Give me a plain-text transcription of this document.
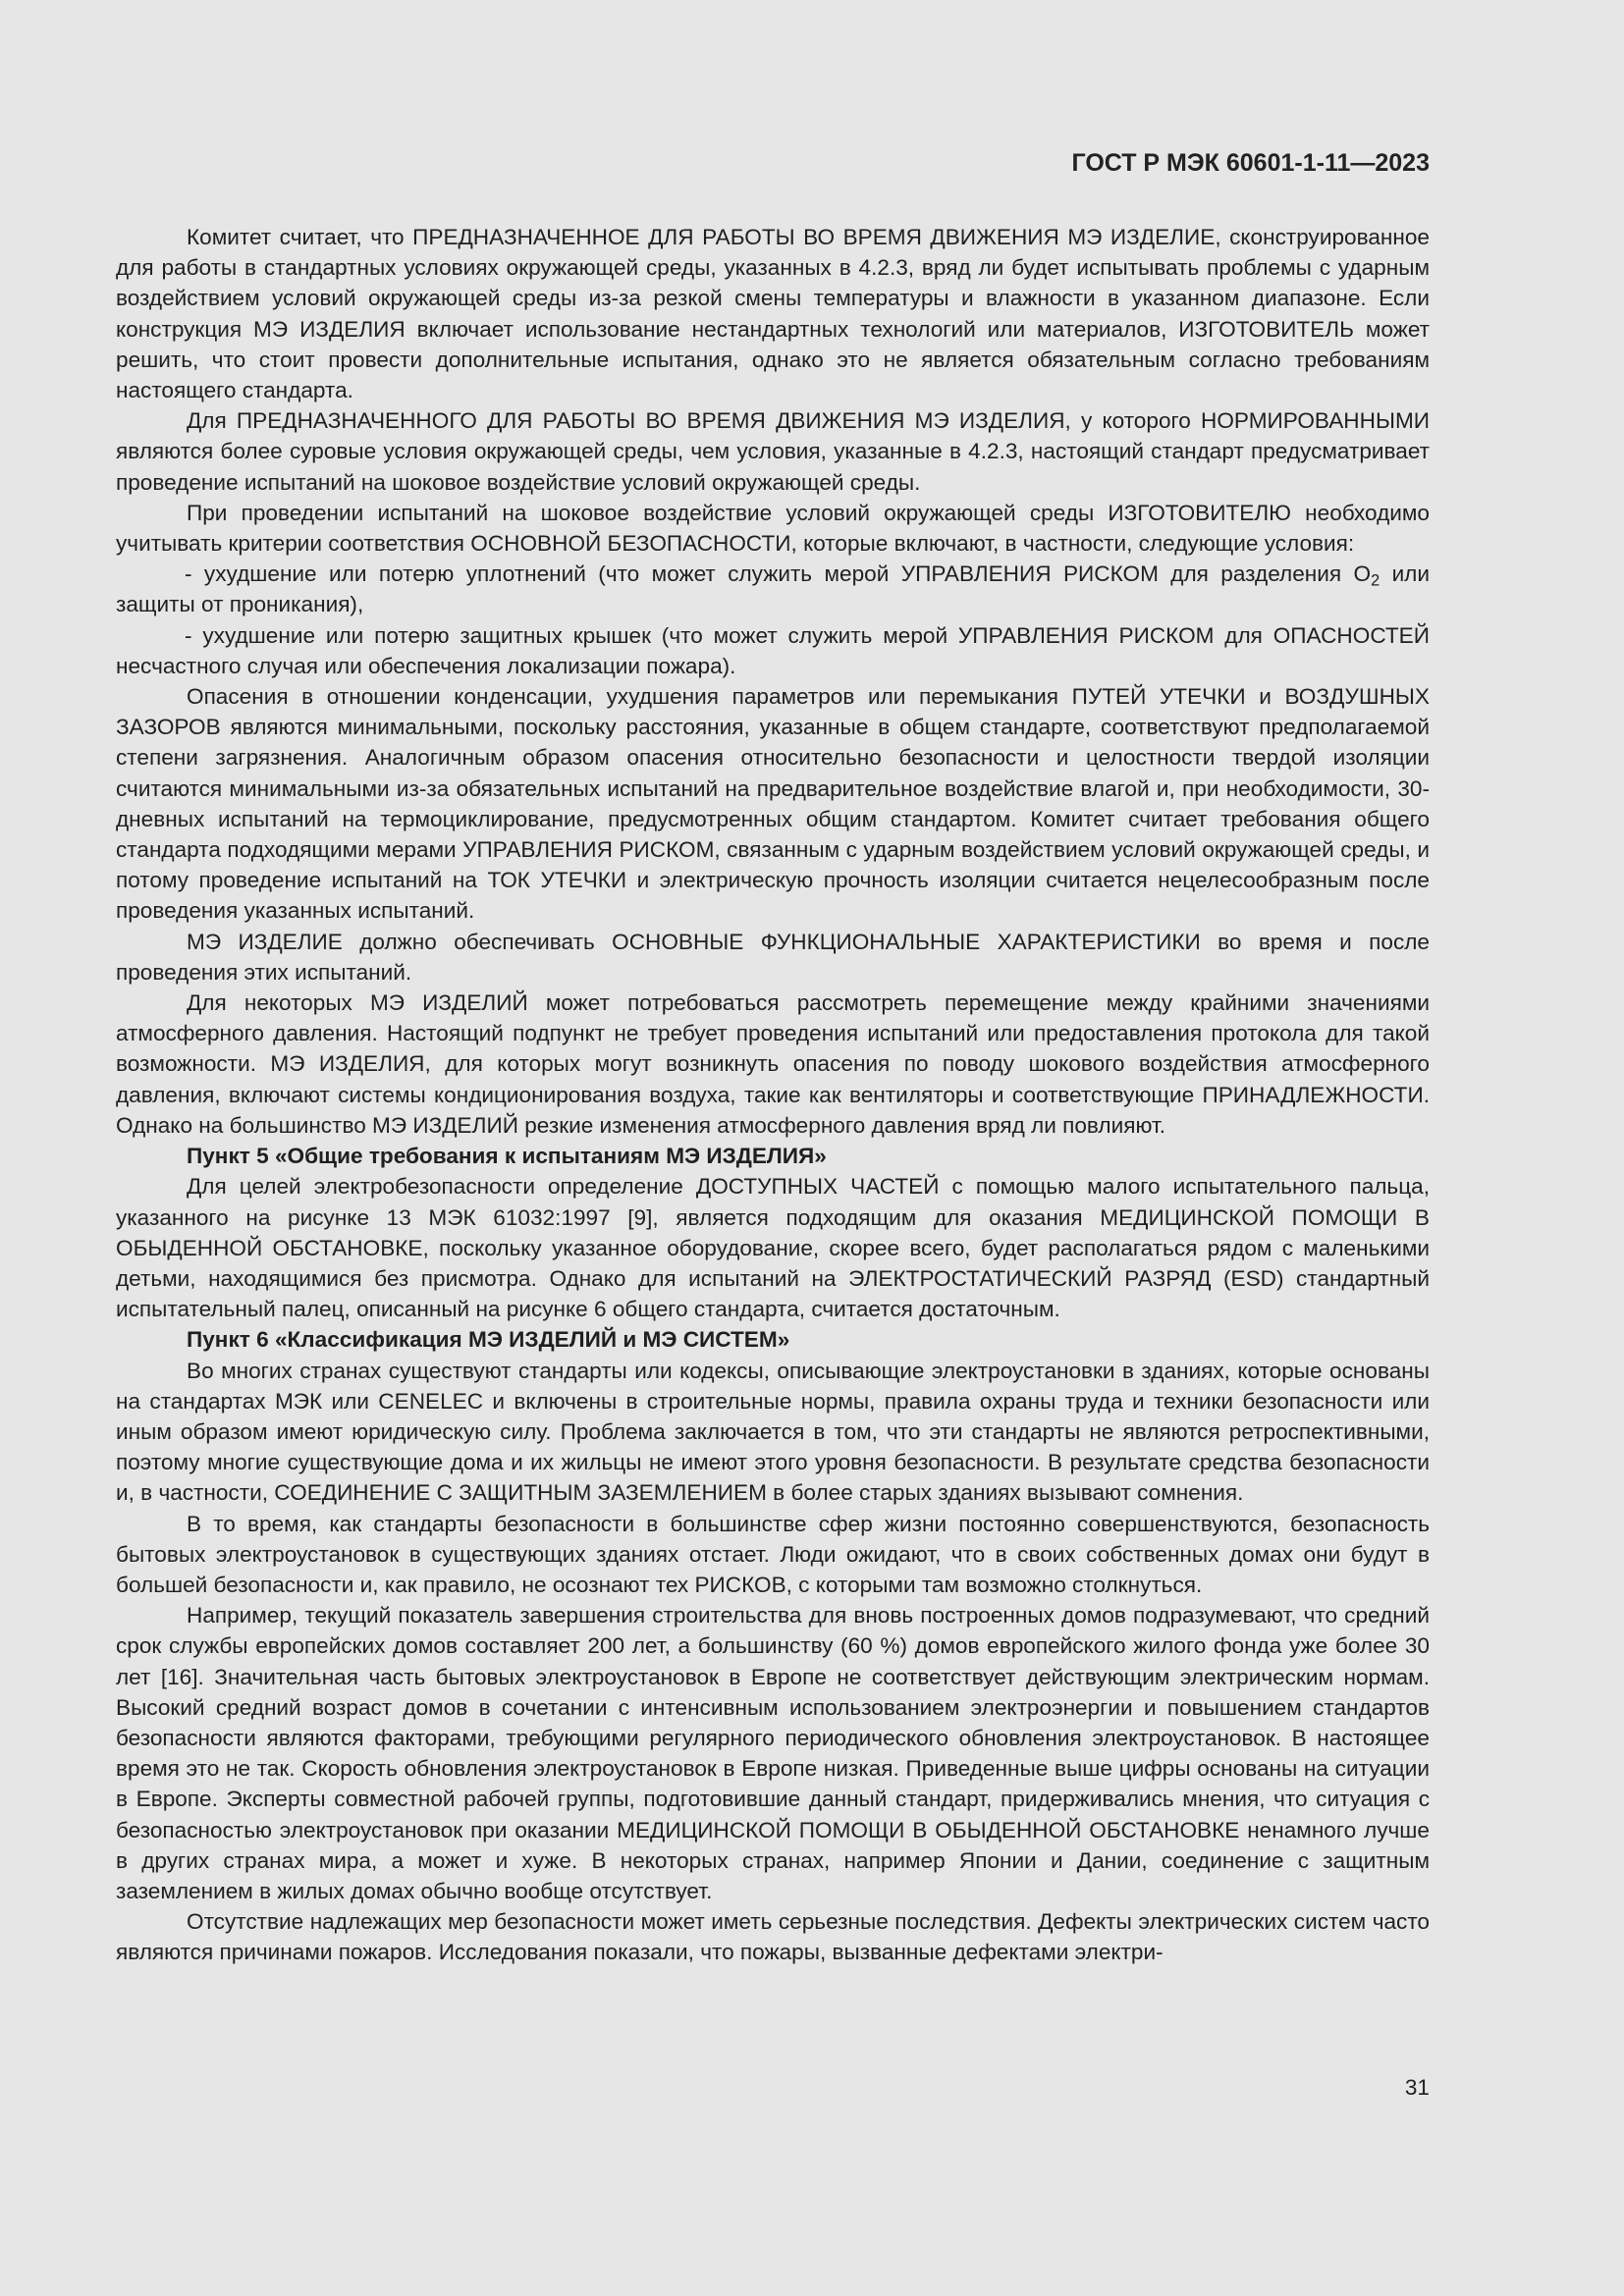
ГОСТ Р МЭК 60601-1-11—2023

Комитет считает, что ПРЕДНАЗНАЧЕННОЕ ДЛЯ РАБОТЫ ВО ВРЕМЯ ДВИЖЕНИЯ МЭ ИЗДЕЛИЕ, сконструированное для работы в стандартных условиях окружающей среды, указанных в 4.2.3, вряд ли будет испытывать проблемы с ударным воздействием условий окружающей среды из-за резкой смены температуры и влажности в указанном диапазоне. Если конструкция МЭ ИЗДЕЛИЯ включает использование нестандартных технологий или материалов, ИЗГОТОВИТЕЛЬ может решить, что стоит провести дополнительные испытания, однако это не является обязательным согласно требованиям настоящего стандарта.

Для ПРЕДНАЗНАЧЕННОГО ДЛЯ РАБОТЫ ВО ВРЕМЯ ДВИЖЕНИЯ МЭ ИЗДЕЛИЯ, у которого НОРМИРОВАННЫМИ являются более суровые условия окружающей среды, чем условия, указанные в 4.2.3, настоящий стандарт предусматривает проведение испытаний на шоковое воздействие условий окружающей среды.

При проведении испытаний на шоковое воздействие условий окружающей среды ИЗГОТОВИТЕЛЮ необходимо учитывать критерии соответствия ОСНОВНОЙ БЕЗОПАСНОСТИ, которые включают, в частности, следующие условия:

- ухудшение или потерю уплотнений (что может служить мерой УПРАВЛЕНИЯ РИСКОМ для разделения $O_2$ или защиты от проникания),

- ухудшение или потерю защитных крышек (что может служить мерой УПРАВЛЕНИЯ РИСКОМ для ОПАСНОСТЕЙ несчастного случая или обеспечения локализации пожара).

Опасения в отношении конденсации, ухудшения параметров или перемыкания ПУТЕЙ УТЕЧКИ и ВОЗДУШНЫХ ЗАЗОРОВ являются минимальными, поскольку расстояния, указанные в общем стандарте, соответствуют предполагаемой степени загрязнения. Аналогичным образом опасения относительно безопасности и целостности твердой изоляции считаются минимальными из-за обязательных испытаний на предварительное воздействие влагой и, при необходимости, 30-дневных испытаний на термоциклирование, предусмотренных общим стандартом. Комитет считает требования общего стандарта подходящими мерами УПРАВЛЕНИЯ РИСКОМ, связанным с ударным воздействием условий окружающей среды, и потому проведение испытаний на ТОК УТЕЧКИ и электрическую прочность изоляции считается нецелесообразным после проведения указанных испытаний.

МЭ ИЗДЕЛИЕ должно обеспечивать ОСНОВНЫЕ ФУНКЦИОНАЛЬНЫЕ ХАРАКТЕРИСТИКИ во время и после проведения этих испытаний.

Для некоторых МЭ ИЗДЕЛИЙ может потребоваться рассмотреть перемещение между крайними значениями атмосферного давления. Настоящий подпункт не требует проведения испытаний или предоставления протокола для такой возможности. МЭ ИЗДЕЛИЯ, для которых могут возникнуть опасения по поводу шокового воздействия атмосферного давления, включают системы кондиционирования воздуха, такие как вентиляторы и соответствующие ПРИНАДЛЕЖНОСТИ. Однако на большинство МЭ ИЗДЕЛИЙ резкие изменения атмосферного давления вряд ли повлияют.

Пункт 5 «Общие требования к испытаниям МЭ ИЗДЕЛИЯ»

Для целей электробезопасности определение ДОСТУПНЫХ ЧАСТЕЙ с помощью малого испытательного пальца, указанного на рисунке 13 МЭК 61032:1997 [9], является подходящим для оказания МЕДИЦИНСКОЙ ПОМОЩИ В ОБЫДЕННОЙ ОБСТАНОВКЕ, поскольку указанное оборудование, скорее всего, будет располагаться рядом с маленькими детьми, находящимися без присмотра. Однако для испытаний на ЭЛЕКТРОСТАТИЧЕСКИЙ РАЗРЯД (ESD) стандартный испытательный палец, описанный на рисунке 6 общего стандарта, считается достаточным.

Пункт 6 «Классификация МЭ ИЗДЕЛИЙ и МЭ СИСТЕМ»

Во многих странах существуют стандарты или кодексы, описывающие электроустановки в зданиях, которые основаны на стандартах МЭК или CENELEC и включены в строительные нормы, правила охраны труда и техники безопасности или иным образом имеют юридическую силу. Проблема заключается в том, что эти стандарты не являются ретроспективными, поэтому многие существующие дома и их жильцы не имеют этого уровня безопасности. В результате средства безопасности и, в частности, СОЕДИНЕНИЕ С ЗАЩИТНЫМ ЗАЗЕМЛЕНИЕМ в более старых зданиях вызывают сомнения.

В то время, как стандарты безопасности в большинстве сфер жизни постоянно совершенствуются, безопасность бытовых электроустановок в существующих зданиях отстает. Люди ожидают, что в своих собственных домах они будут в большей безопасности и, как правило, не осознают тех РИСКОВ, с которыми там возможно столкнуться.

Например, текущий показатель завершения строительства для вновь построенных домов подразумевают, что средний срок службы европейских домов составляет 200 лет, а большинству (60 %) домов европейского жилого фонда уже более 30 лет [16]. Значительная часть бытовых электроустановок в Европе не соответствует действующим электрическим нормам. Высокий средний возраст домов в сочетании с интенсивным использованием электроэнергии и повышением стандартов безопасности являются факторами, требующими регулярного периодического обновления электроустановок. В настоящее время это не так. Скорость обновления электроустановок в Европе низкая. Приведенные выше цифры основаны на ситуации в Европе. Эксперты совместной рабочей группы, подготовившие данный стандарт, придерживались мнения, что ситуация с безопасностью электроустановок при оказании МЕДИЦИНСКОЙ ПОМОЩИ В ОБЫДЕННОЙ ОБСТАНОВКЕ ненамного лучше в других странах мира, а может и хуже. В некоторых странах, например Японии и Дании, соединение с защитным заземлением в жилых домах обычно вообще отсутствует.

Отсутствие надлежащих мер безопасности может иметь серьезные последствия. Дефекты электрических систем часто являются причинами пожаров. Исследования показали, что пожары, вызванные дефектами электри-

31
